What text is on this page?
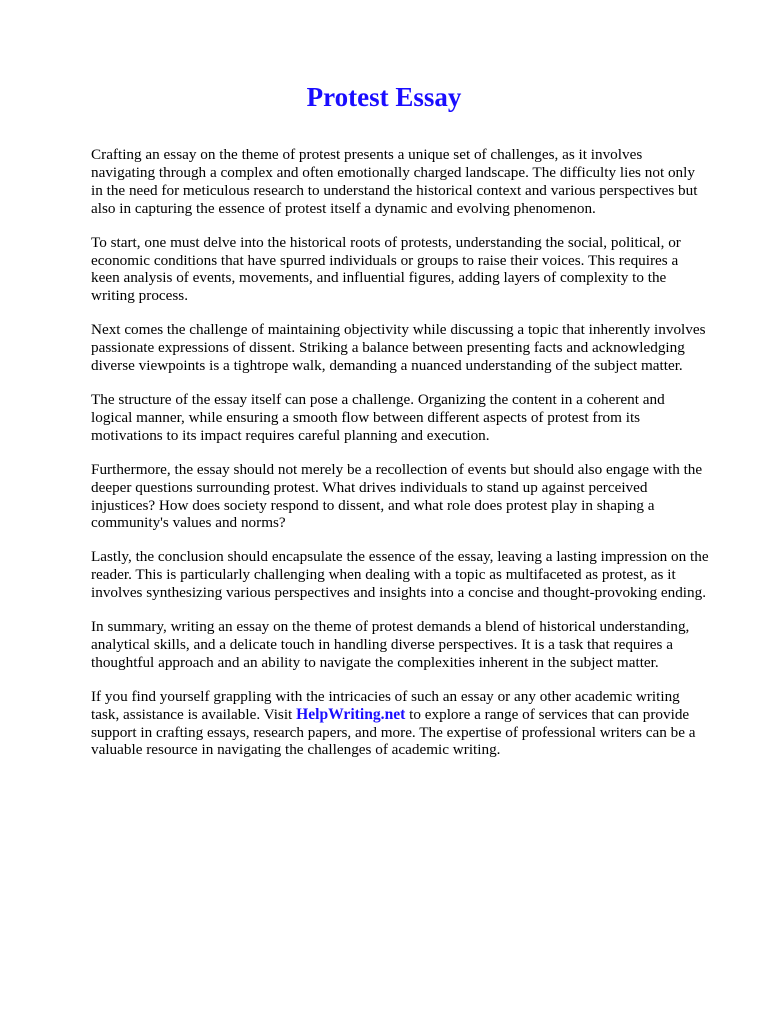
Protest Essay

Crafting an essay on the theme of protest presents a unique set of challenges, as it involves
navigating through a complex and often emotionally charged landscape. The difficulty lies not only
in the need for meticulous research to understand the historical context and various perspectives but
also in capturing the essence of protest itself a dynamic and evolving phenomenon.

To start, one must delve into the historical roots of protests, understanding the social, political, or
economic conditions that have spurred individuals or groups to raise their voices. This requires a
keen analysis of events, movements, and influential figures, adding layers of complexity to the
writing process.

Next comes the challenge of maintaining objectivity while discussing a topic that inherently involves
passionate expressions of dissent. Striking a balance between presenting facts and acknowledging
diverse viewpoints is a tightrope walk, demanding a nuanced understanding of the subject matter.

The structure of the essay itself can pose a challenge. Organizing the content in a coherent and
logical manner, while ensuring a smooth flow between different aspects of protest from its
motivations to its impact requires careful planning and execution.

Furthermore, the essay should not merely be a recollection of events but should also engage with the
deeper questions surrounding protest. What drives individuals to stand up against perceived
injustices? How does society respond to dissent, and what role does protest play in shaping a
community's values and norms?

Lastly, the conclusion should encapsulate the essence of the essay, leaving a lasting impression on the
reader. This is particularly challenging when dealing with a topic as multifaceted as protest, as it
involves synthesizing various perspectives and insights into a concise and thought-provoking ending.

In summary, writing an essay on the theme of protest demands a blend of historical understanding,
analytical skills, and a delicate touch in handling diverse perspectives. It is a task that requires a
thoughtful approach and an ability to navigate the complexities inherent in the subject matter.

If you find yourself grappling with the intricacies of such an essay or any other academic writing
task, assistance is available. Visit HelpWriting.net to explore a range of services that can provide
support in crafting essays, research papers, and more. The expertise of professional writers can be a
valuable resource in navigating the challenges of academic writing.
